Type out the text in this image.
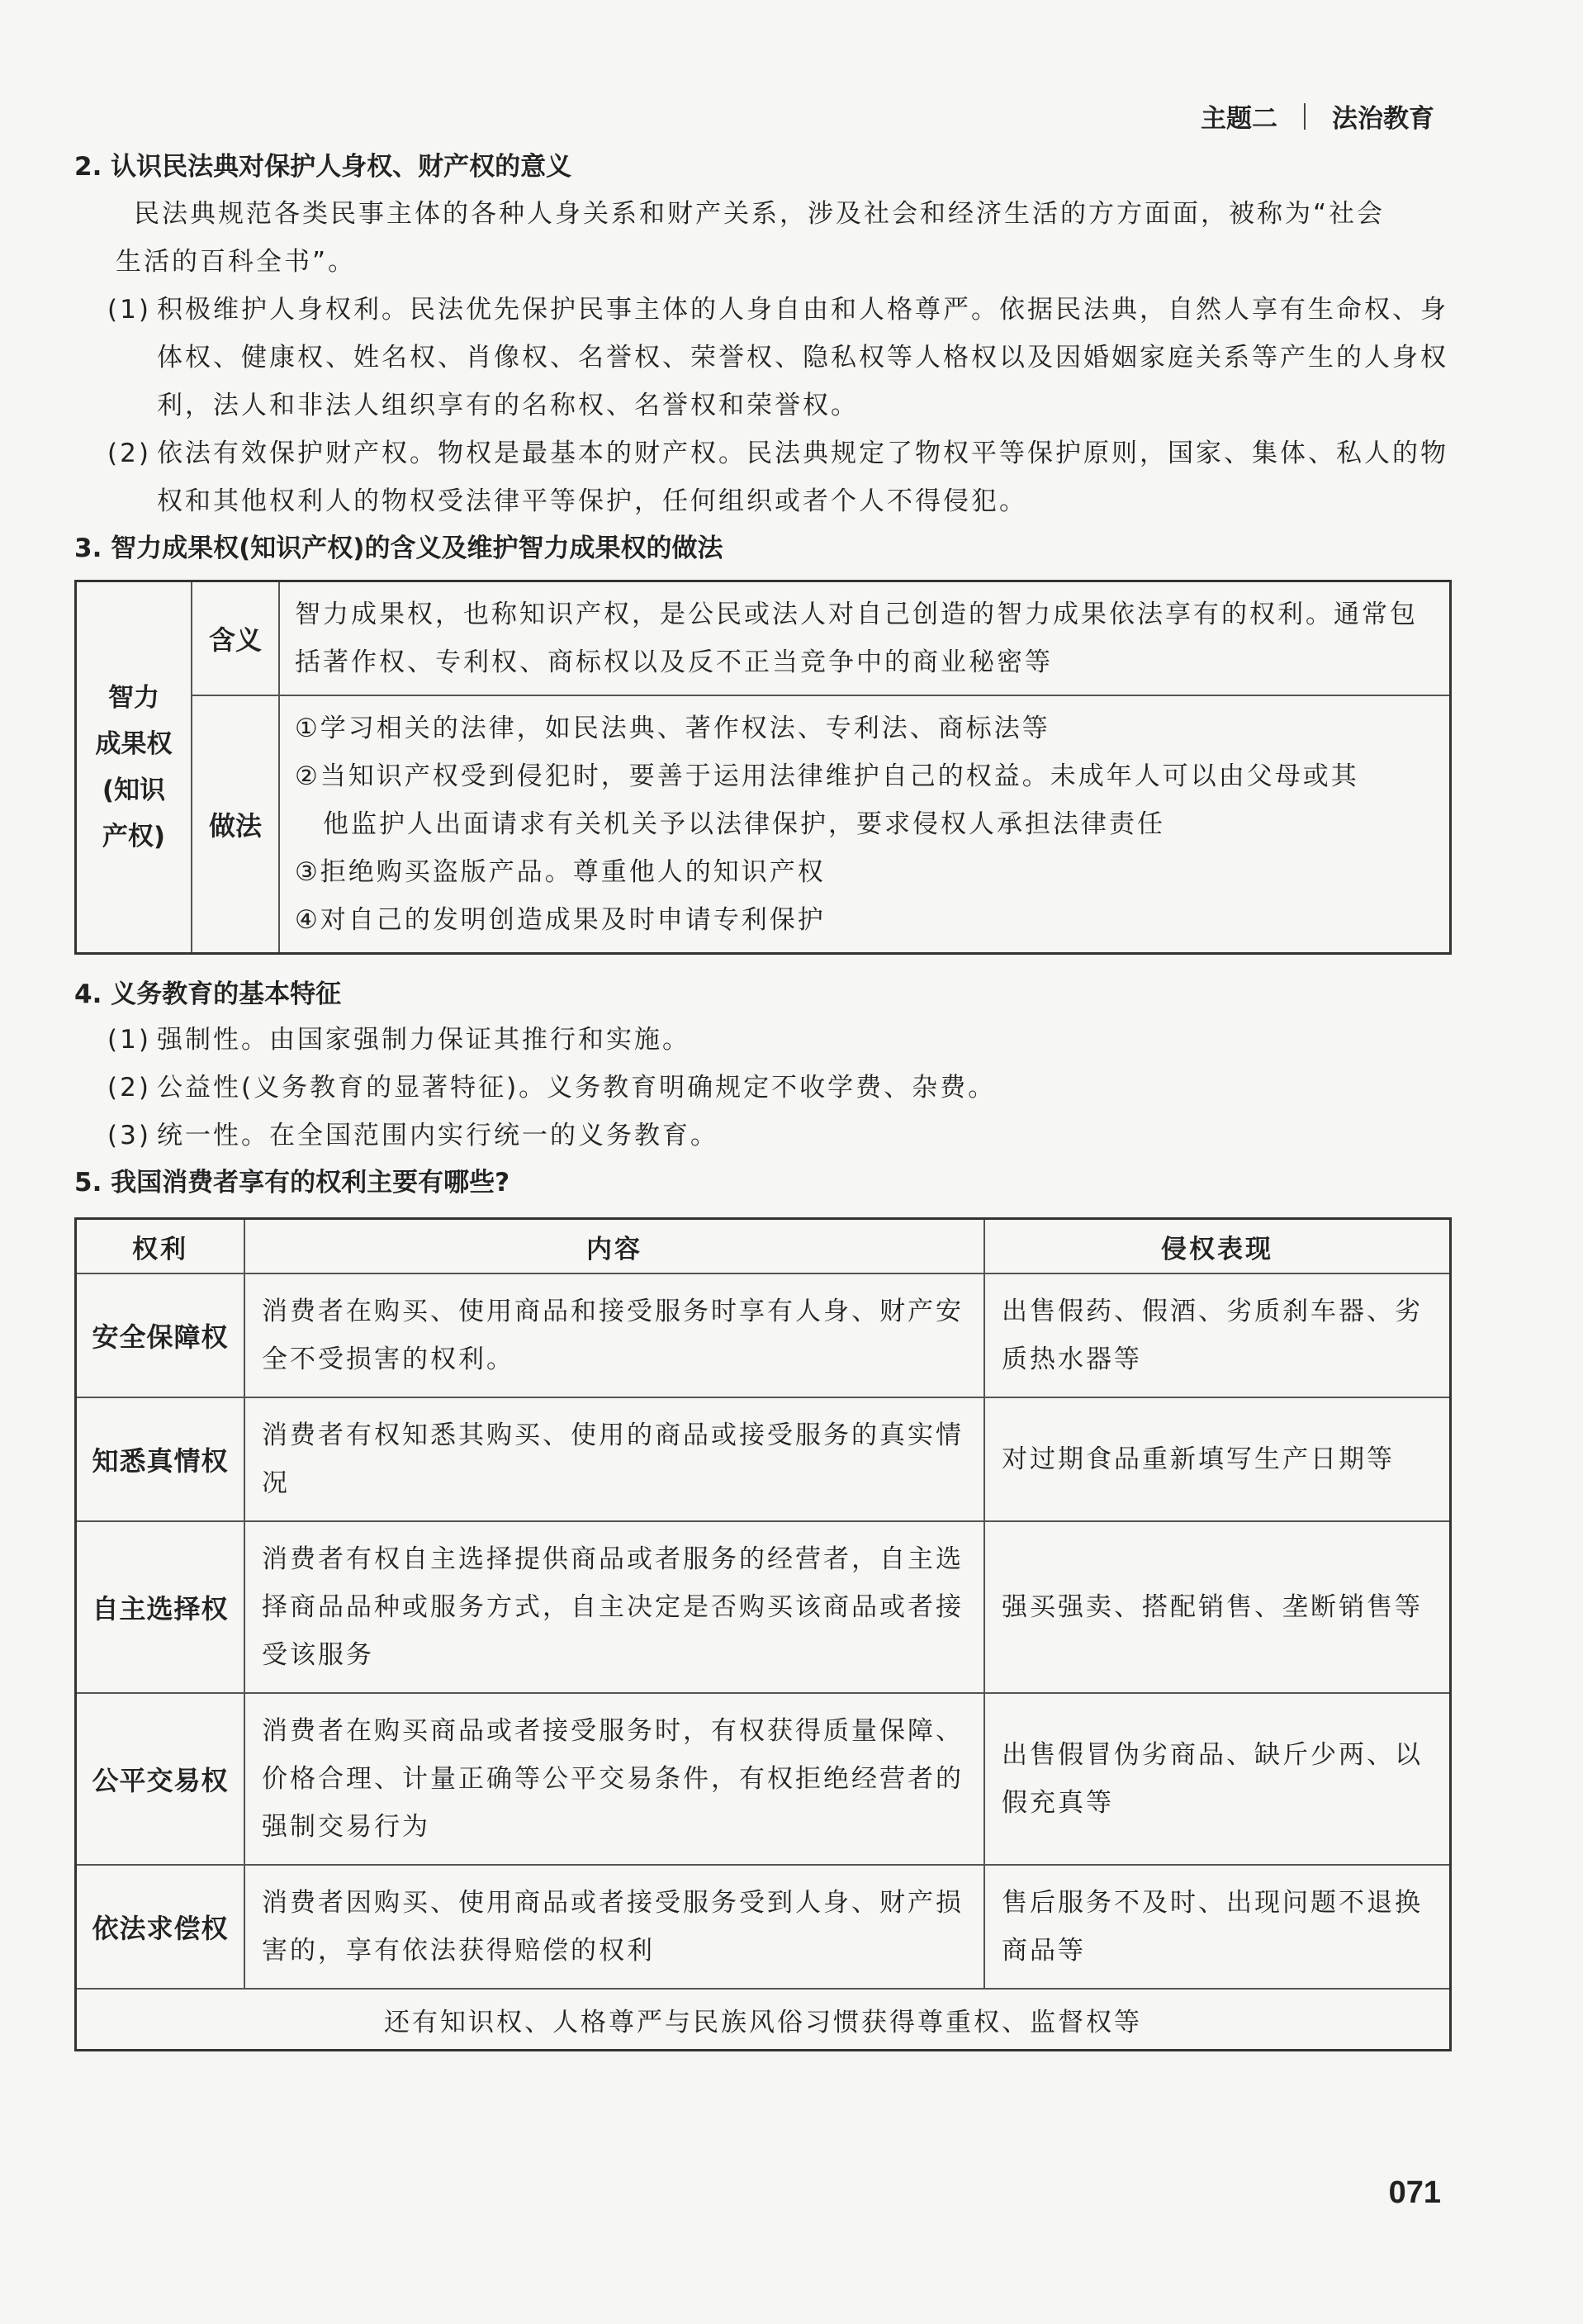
主题二 法治教育

2. 认识民法典对保护人身权、财产权的意义

民法典规范各类民事主体的各种人身关系和财产关系，涉及社会和经济生活的方方面面，被称为“社会

生活的百科全书”。

(1) 积极维护人身权利。民法优先保护民事主体的人身自由和人格尊严。依据民法典，自然人享有生命权、身体权、健康权、姓名权、肖像权、名誉权、荣誉权、隐私权等人格权以及因婚姻家庭关系等产生的人身权利，法人和非法人组织享有的名称权、名誉权和荣誉权。
(2) 依法有效保护财产权。物权是最基本的财产权。民法典规定了物权平等保护原则，国家、集体、私人的物权和其他权利人的物权受法律平等保护，任何组织或者个人不得侵犯。

3. 智力成果权(知识产权)的含义及维护智力成果权的做法

智力
成果权
(知识
产权)	含义	智力成果权，也称知识产权，是公民或法人对自己创造的智力成果依法享有的权利。通常包括著作权、专利权、商标权以及反不正当竞争中的商业秘密等
	做法	①学习相关的法律，如民法典、著作权法、专利法、商标法等
②当知识产权受到侵犯时，要善于运用法律维护自己的权益。未成年人可以由父母或其
他监护人出面请求有关机关予以法律保护，要求侵权人承担法律责任
③拒绝购买盗版产品。尊重他人的知识产权
④对自己的发明创造成果及时申请专利保护

4. 义务教育的基本特征

(1) 强制性。由国家强制力保证其推行和实施。
(2) 公益性(义务教育的显著特征)。义务教育明确规定不收学费、杂费。
(3) 统一性。在全国范围内实行统一的义务教育。

5. 我国消费者享有的权利主要有哪些?

权利	内容	侵权表现
安全保障权	消费者在购买、使用商品和接受服务时享有人身、财产安全不受损害的权利。	出售假药、假酒、劣质刹车器、劣质热水器等
知悉真情权	消费者有权知悉其购买、使用的商品或接受服务的真实情况	对过期食品重新填写生产日期等
自主选择权	消费者有权自主选择提供商品或者服务的经营者，自主选择商品品种或服务方式，自主决定是否购买该商品或者接受该服务	强买强卖、搭配销售、垄断销售等
公平交易权	消费者在购买商品或者接受服务时，有权获得质量保障、价格合理、计量正确等公平交易条件，有权拒绝经营者的强制交易行为	出售假冒伪劣商品、缺斤少两、以假充真等
依法求偿权	消费者因购买、使用商品或者接受服务受到人身、财产损害的，享有依法获得赔偿的权利	售后服务不及时、出现问题不退换商品等
还有知识权、人格尊严与民族风俗习惯获得尊重权、监督权等		
071
